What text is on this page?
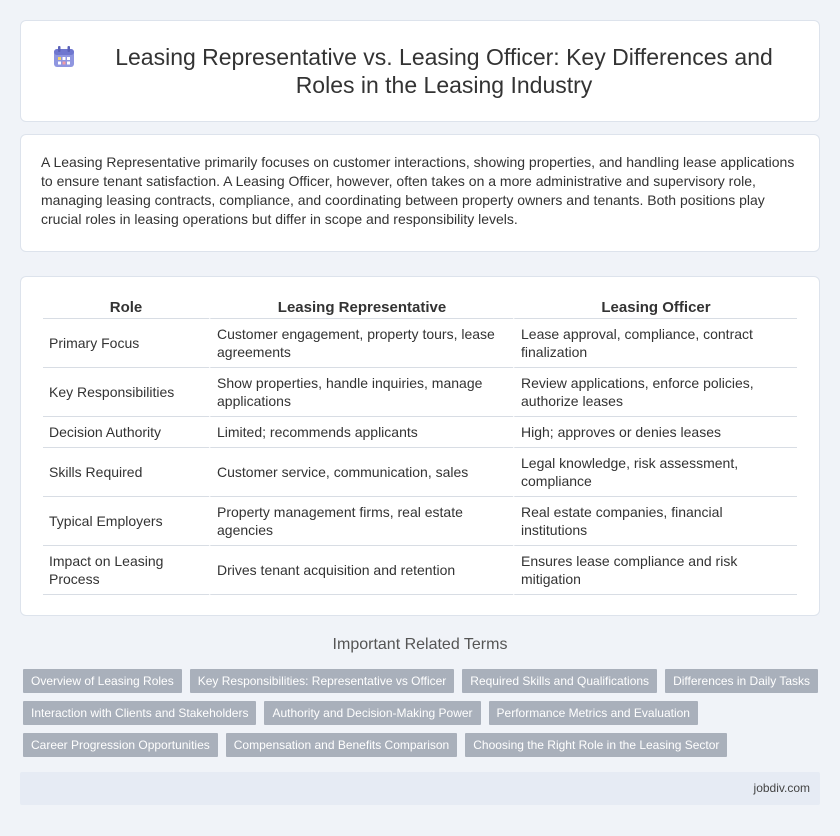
Leasing Representative vs. Leasing Officer: Key Differences and Roles in the Leasing Industry

A Leasing Representative primarily focuses on customer interactions, showing properties, and handling lease applications to ensure tenant satisfaction. A Leasing Officer, however, often takes on a more administrative and supervisory role, managing leasing contracts, compliance, and coordinating between property owners and tenants. Both positions play crucial roles in leasing operations but differ in scope and responsibility levels.

Role	Leasing Representative	Leasing Officer
Primary Focus	Customer engagement, property tours, lease agreements	Lease approval, compliance, contract finalization
Key Responsibilities	Show properties, handle inquiries, manage applications	Review applications, enforce policies, authorize leases
Decision Authority	Limited; recommends applicants	High; approves or denies leases
Skills Required	Customer service, communication, sales	Legal knowledge, risk assessment, compliance
Typical Employers	Property management firms, real estate agencies	Real estate companies, financial institutions
Impact on Leasing Process	Drives tenant acquisition and retention	Ensures lease compliance and risk mitigation
Important Related Terms
Overview of Leasing Roles	Key Responsibilities: Representative vs Officer	Required Skills and Qualifications	Differences in Daily Tasks
Interaction with Clients and Stakeholders	Authority and Decision-Making Power	Performance Metrics and Evaluation
Career Progression Opportunities	Compensation and Benefits Comparison	Choosing the Right Role in the Leasing Sector
jobdiv.com
